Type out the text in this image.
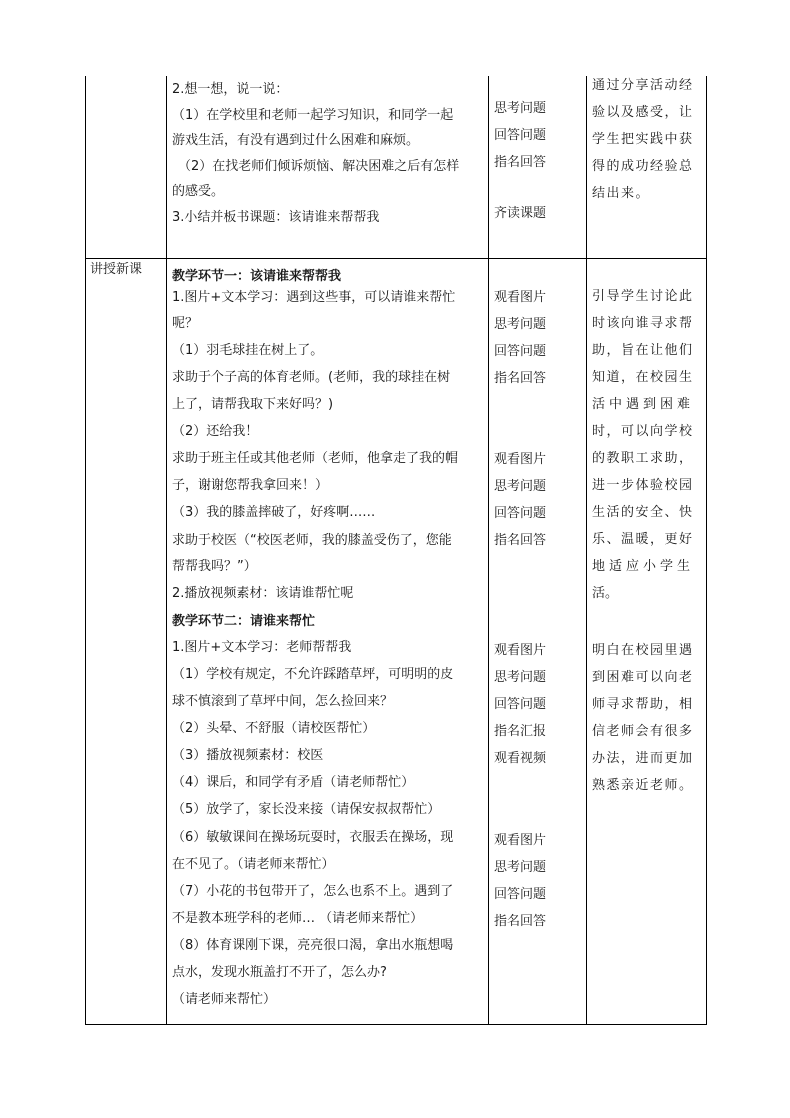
2.想一想，说一说：
（1）在学校里和老师一起学习知识，和同学一起
游戏生活，有没有遇到过什么困难和麻烦。
（2）在找老师们倾诉烦恼、解决困难之后有怎样
的感受。
3.小结并板书课题：该请谁来帮帮我
思考问题
回答问题
指名回答
齐读课题
通过分享活动经
验以及感受，让
学生把实践中获
得的成功经验总
结出来。
讲授新课 教学环节一：该请谁来帮帮我
1.图片+文本学习：遇到这些事，可以请谁来帮忙
呢？
（1）羽毛球挂在树上了。
求助于个子高的体育老师。(老师，我的球挂在树
上了，请帮我取下来好吗？)
（2）还给我！
求助于班主任或其他老师（老师，他拿走了我的帽
子，谢谢您帮我拿回来！）
（3）我的膝盖摔破了，好疼啊……
求助于校医（“校医老师，我的膝盖受伤了，您能
帮帮我吗？”）
2.播放视频素材：该请谁帮忙呢
教学环节二：请谁来帮忙
1.图片+文本学习：老师帮帮我
（1）学校有规定，不允许踩踏草坪，可明明的皮
球不慎滚到了草坪中间，怎么捡回来？
（2）头晕、不舒服（请校医帮忙）
（3）播放视频素材：校医
（4）课后，和同学有矛盾（请老师帮忙）
（5）放学了，家长没来接（请保安叔叔帮忙）
（6）敏敏课间在操场玩耍时，衣服丢在操场，现
在不见了。（请老师来帮忙）
（7）小花的书包带开了，怎么也系不上。遇到了
不是教本班学科的老师… （请老师来帮忙）
（8）体育课刚下课，亮亮很口渴，拿出水瓶想喝
点水，发现水瓶盖打不开了，怎么办?
（请老师来帮忙）
观看图片
思考问题
回答问题
指名回答
观看图片
思考问题
回答问题
指名回答
观看图片
思考问题
回答问题
指名汇报
观看视频
观看图片
思考问题
回答问题
指名回答
引导学生讨论此
时该向谁寻求帮
助，旨在让他们
知道，在校园生
活中遇到困难
时，可以向学校
的教职工求助，
进一步体验校园
生活的安全、快
乐、温暖，更好
地适应小学生
活。
明白在校园里遇
到困难可以向老
师寻求帮助，相
信老师会有很多
办法，进而更加
熟悉亲近老师。
